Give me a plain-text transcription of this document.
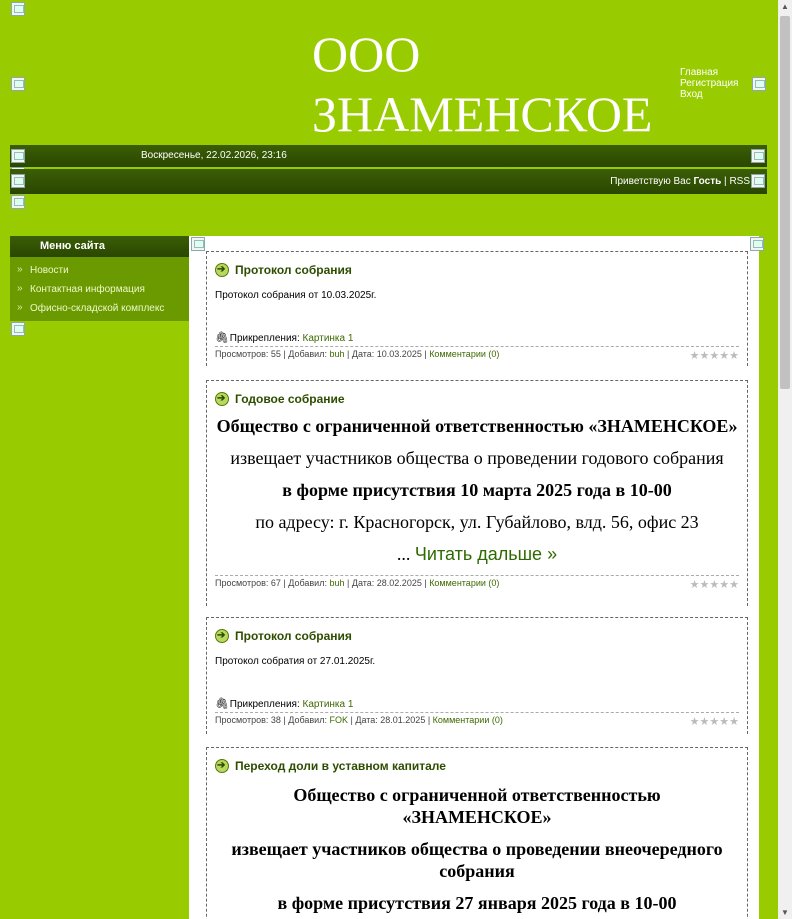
ООО ЗНАМЕНСКОЕ
Главная
Регистрация
Вход
Воскресенье, 22.02.2026, 23:16
Приветствую Вас Гость | RSS
Меню сайта
» Новости
» Контактная информация
» Офисно-складской комплекс
➔
Протокол собрания
Протокол собрания от 10.03.2025г.
🖇 Прикрепления: Картинка 1
Просмотров: 55 | Добавил: buh | Дата: 10.03.2025 | Комментарии (0)	★★★★★
➔
Годовое собрание

Общество с ограниченной ответственностью «ЗНАМЕНСКОЕ»

извещает участников общества о проведении годового собрания

в форме присутствия 10 марта 2025 года в 10-00

по адресу: г. Красногорск, ул. Губайлово, влд. 56, офис 23

... Читать дальше »

Просмотров: 67 | Добавил: buh | Дата: 28.02.2025 | Комментарии (0)	★★★★★
➔
Протокол собрания
Протокол собратия от 27.01.2025г.
🖇 Прикрепления: Картинка 1
Просмотров: 38 | Добавил: FOK | Дата: 28.01.2025 | Комментарии (0)	★★★★★
➔
Переход доли в уставном капитале

Общество с ограниченной ответственностью «ЗНАМЕНСКОЕ»

извещает участников общества о проведении внеочередного собрания

в форме присутствия 27 января 2025 года в 10-00

▲
▼
